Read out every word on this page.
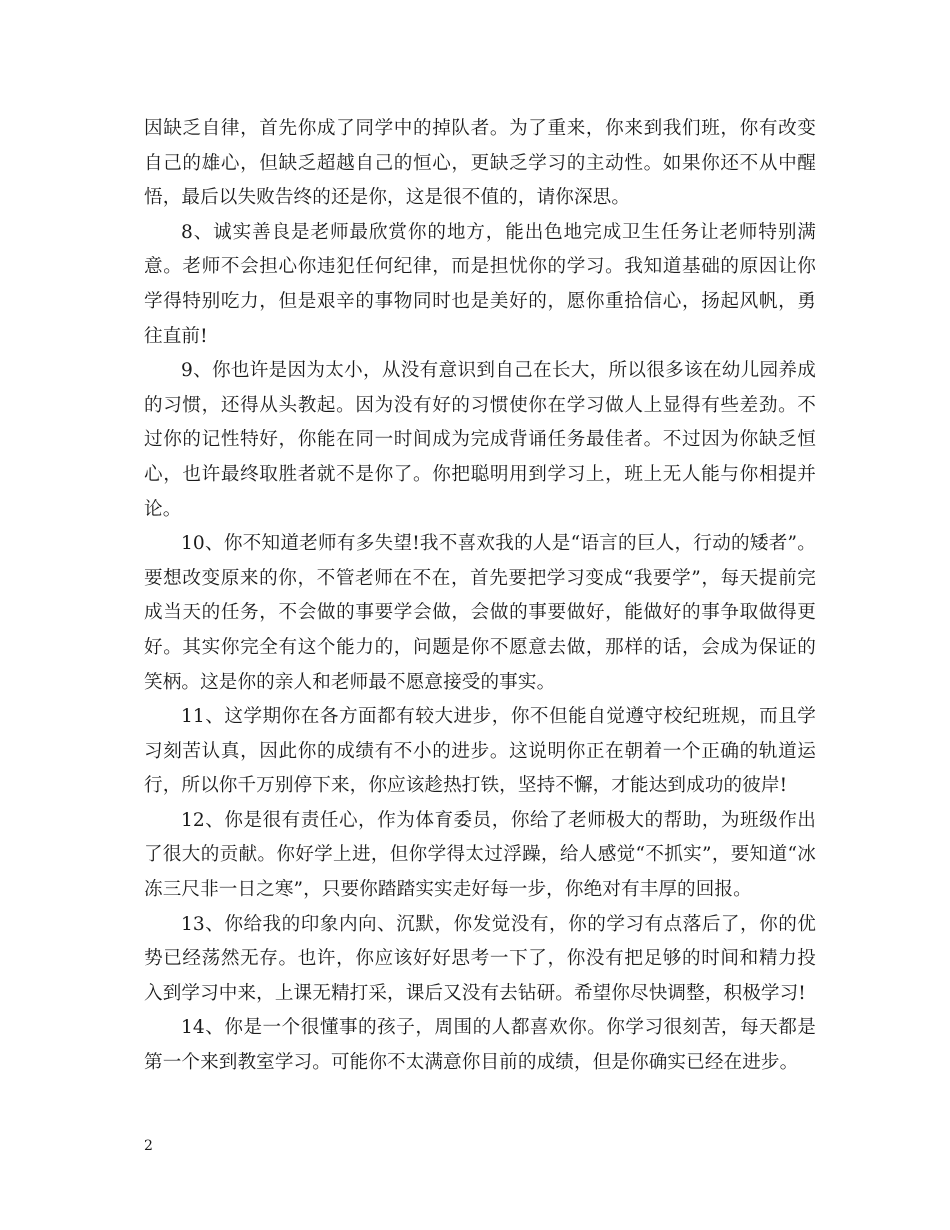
因缺乏自律，首先你成了同学中的掉队者。为了重来，你来到我们班，你有改变自己的雄心，但缺乏超越自己的恒心，更缺乏学习的主动性。如果你还不从中醒悟，最后以失败告终的还是你，这是很不值的，请你深思。

8、诚实善良是老师最欣赏你的地方，能出色地完成卫生任务让老师特别满意。老师不会担心你违犯任何纪律，而是担忧你的学习。我知道基础的原因让你学得特别吃力，但是艰辛的事物同时也是美好的，愿你重拾信心，扬起风帆，勇往直前!

9、你也许是因为太小，从没有意识到自己在长大，所以很多该在幼儿园养成的习惯，还得从头教起。因为没有好的习惯使你在学习做人上显得有些差劲。不过你的记性特好，你能在同一时间成为完成背诵任务最佳者。不过因为你缺乏恒心，也许最终取胜者就不是你了。你把聪明用到学习上，班上无人能与你相提并论。

10、你不知道老师有多失望!我不喜欢我的人是“语言的巨人，行动的矮者”。要想改变原来的你，不管老师在不在，首先要把学习变成“我要学”，每天提前完成当天的任务，不会做的事要学会做，会做的事要做好，能做好的事争取做得更好。其实你完全有这个能力的，问题是你不愿意去做，那样的话，会成为保证的笑柄。这是你的亲人和老师最不愿意接受的事实。

11、这学期你在各方面都有较大进步，你不但能自觉遵守校纪班规，而且学习刻苦认真，因此你的成绩有不小的进步。这说明你正在朝着一个正确的轨道运行，所以你千万别停下来，你应该趁热打铁，坚持不懈，才能达到成功的彼岸!

12、你是很有责任心，作为体育委员，你给了老师极大的帮助，为班级作出了很大的贡献。你好学上进，但你学得太过浮躁，给人感觉“不抓实”，要知道“冰冻三尺非一日之寒”，只要你踏踏实实走好每一步，你绝对有丰厚的回报。

13、你给我的印象内向、沉默，你发觉没有，你的学习有点落后了，你的优势已经荡然无存。也许，你应该好好思考一下了，你没有把足够的时间和精力投入到学习中来，上课无精打采，课后又没有去钻研。希望你尽快调整，积极学习!

14、你是一个很懂事的孩子，周围的人都喜欢你。你学习很刻苦，每天都是第一个来到教室学习。可能你不太满意你目前的成绩，但是你确实已经在进步。

2
